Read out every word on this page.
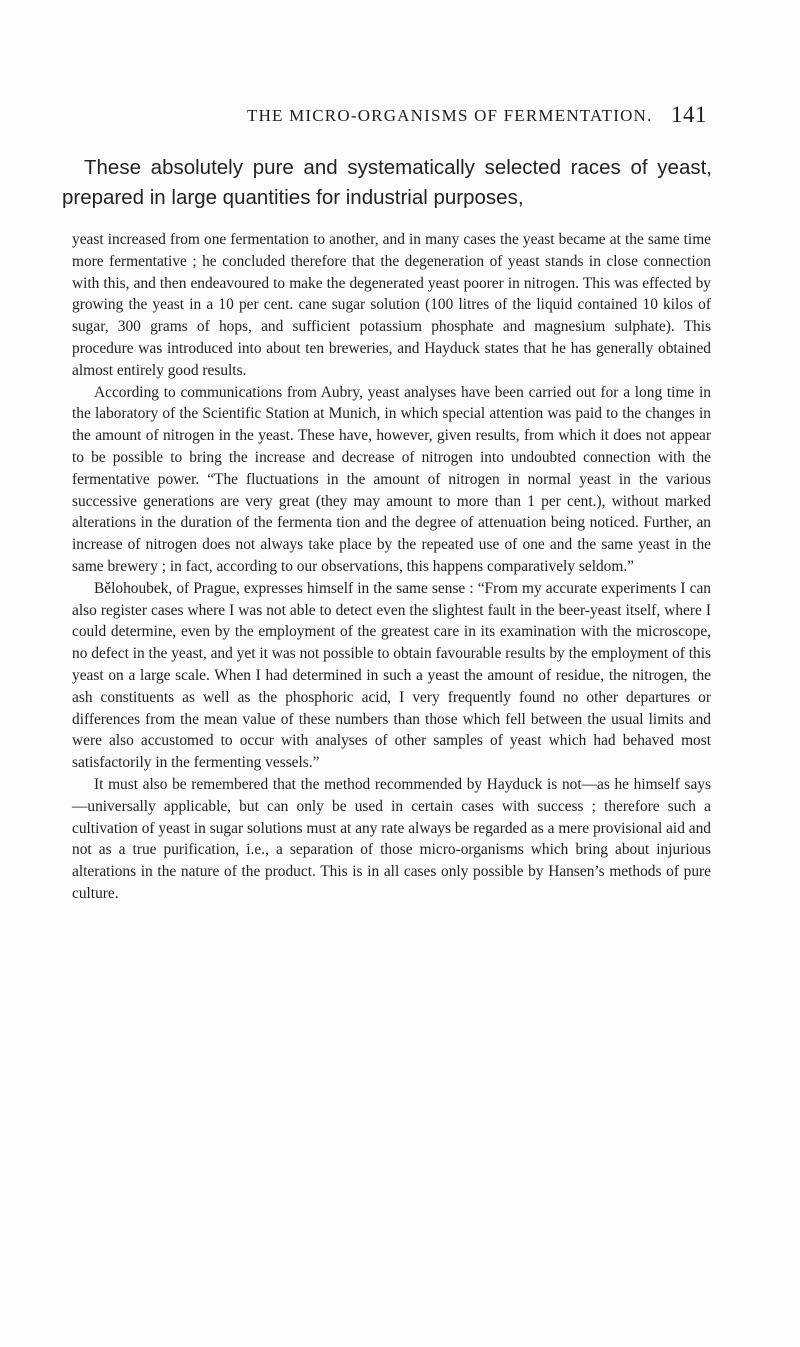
THE MICRO-ORGANISMS OF FERMENTATION. 141

These absolutely pure and systematically selected races of yeast, prepared in large quantities for industrial purposes,

yeast increased from one fermentation to another, and in many cases the yeast became at the same time more fermentative ; he concluded therefore that the degeneration of yeast stands in close connection with this, and then endeavoured to make the degenerated yeast poorer in nitrogen. This was effected by growing the yeast in a 10 per cent. cane sugar solution (100 litres of the liquid contained 10 kilos of sugar, 300 grams of hops, and sufficient potassium phosphate and magnesium sulphate). This procedure was introduced into about ten breweries, and Hayduck states that he has generally obtained almost entirely good results.

According to communications from Aubry, yeast analyses have been carried out for a long time in the laboratory of the Scientific Station at Munich, in which special attention was paid to the changes in the amount of nitrogen in the yeast. These have, however, given results, from which it does not appear to be possible to bring the increase and decrease of nitrogen into undoubted connection with the fermentative power. “The fluctuations in the amount of nitrogen in normal yeast in the various successive generations are very great (they may amount to more than 1 per cent.), without marked alterations in the duration of the fermenta tion and the degree of attenuation being noticed. Further, an increase of nitrogen does not always take place by the repeated use of one and the same yeast in the same brewery ; in fact, according to our observations, this happens comparatively seldom.”

Bělohoubek, of Prague, expresses himself in the same sense : “From my accurate experiments I can also register cases where I was not able to detect even the slightest fault in the beer-yeast itself, where I could determine, even by the employment of the greatest care in its examination with the microscope, no defect in the yeast, and yet it was not possible to obtain favourable results by the employment of this yeast on a large scale. When I had determined in such a yeast the amount of residue, the nitrogen, the ash constituents as well as the phosphoric acid, I very frequently found no other departures or differences from the mean value of these numbers than those which fell between the usual limits and were also accustomed to occur with analyses of other samples of yeast which had behaved most satisfactorily in the fermenting vessels.”

It must also be remembered that the method recommended by Hayduck is not—as he himself says—universally applicable, but can only be used in certain cases with success ; therefore such a cultivation of yeast in sugar solutions must at any rate always be regarded as a mere provisional aid and not as a true purification, i.e., a separation of those micro-organisms which bring about injurious alterations in the nature of the product. This is in all cases only possible by Hansen’s methods of pure culture.
